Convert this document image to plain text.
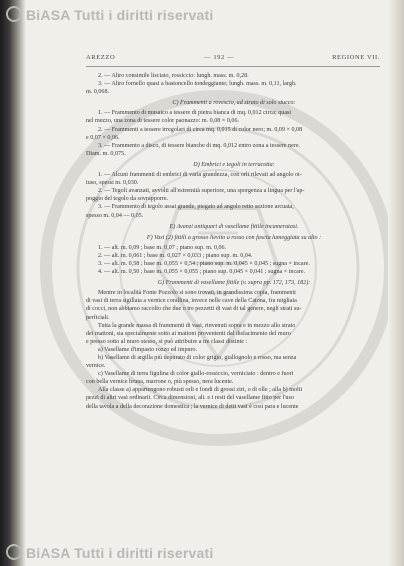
BiASA Tutti i diritti riservati
AREZZO	— 192 —	REGIONE VII.

2. — Altro consimile lisciato, rossiccio: lungh. mass. m. 0,28.

3. — Altro fornello quasi a bastoncello tondeggiante; lungh. mass. m. 0,11, largh.

m. 0,068.

C) Frammenti a rovescio, ad strato di solo stucco:

1. — Frammento di musaico a tessere di pietra bianca di mq. 0,012 circa; quasi

nel mezzo, una zona di tessere color paonazzo: m. 0,08 × 0,06.

2. — Frammenti a tessere irregolari di circa mq. 0,015 di color nero; m. 0,09 × 0,08

e 0,07 × 0,06.

3. — Frammento a disco, di tessere bianche di mq. 0,012 entro zona a tessere nere.

Diam. m. 0,075.

D) Embrici e tegoli in terracotta:

1. — Alcuni frammenti di embrici di varia grandezza, con orli rilevati ad angolo ot-

tuso, spessi m. 0,030.

2. — Tegoli avanzati, avvolti all'estremità superiore, una sporgenza a lingua per l'ap-

poggio del tegolo da sovrapporre.

3. — Frammento di tegolo assai grande, piegato ad angolo retto sezione arcuata,

spesso m. 0,04 — 0,05.

E) Avanzi antiquari di vasellame fittile incameratasi.

F) Vasi (2) fittili a grosso lievito a rosso con fascia lumeggiata su alto :

1. — alt. m. 0,09 ; base m. 0,07 ; piano sup. m. 0,06.

2. — alt. m. 0,061 ; base m. 0,027 × 0,033 ; piano sup. m. 0,04.

3. — alt. m. 0,58 ; base m. 0,055 × 0,54 ; piano sup. m. 0,045 × 0,045 ; sugna × incare.

4. — alt. m. 0,50 ; base m. 0,055 × 0,055 ; piano sup. 0,045 × 0,041 ; sugna × incare.

G) Frammenti di vasellame fittile (v. supra pp. 172, 173, 182):

Mentre in località Fonte Pozzolo si sono trovati, in grandissima copia, frammenti

di vasi di terra sigillata a vernice corallina, invece nelle cave della Catona, fra migliaia

di cocci, non abbiamo raccolto che due o tre pezzetti di vasi di tal genere, negli strati su-

perficiali.

Tutta la grande massa di frammenti di vasi, rinvenuti sopra e in mezzo allo strato

dei mattoni, sia specialmente sotto ai mattoni provenienti dal disfacimento del muro

e presso sotto al muro stesso, si può attribuire a tre classi distinte :

a) Vasellame d'impasto rozzo ed impuro.

b) Vasellame di argilla più depurato di color grigio, giallognolo e rosso, ma senza

vernice.

c) Vasellame di terra figulina di color giallo-rossiccio, verniciato : dentro e fuori

con bella vernice bruna, marrone o, più spesso, nera lucente.

Alla classe a) appartengono robusti orli e fondi di grossi ziri, o di olle ; alla b) molti

pezzi di altri vasi ordinarii. Circa dimensioni, alt. e i resti del vasellame fitto per l'uso

della tavola a della decorazione domestica ; la vernice di detti vasi è così para e lucente

BiASA Tutti i diritti riservati
